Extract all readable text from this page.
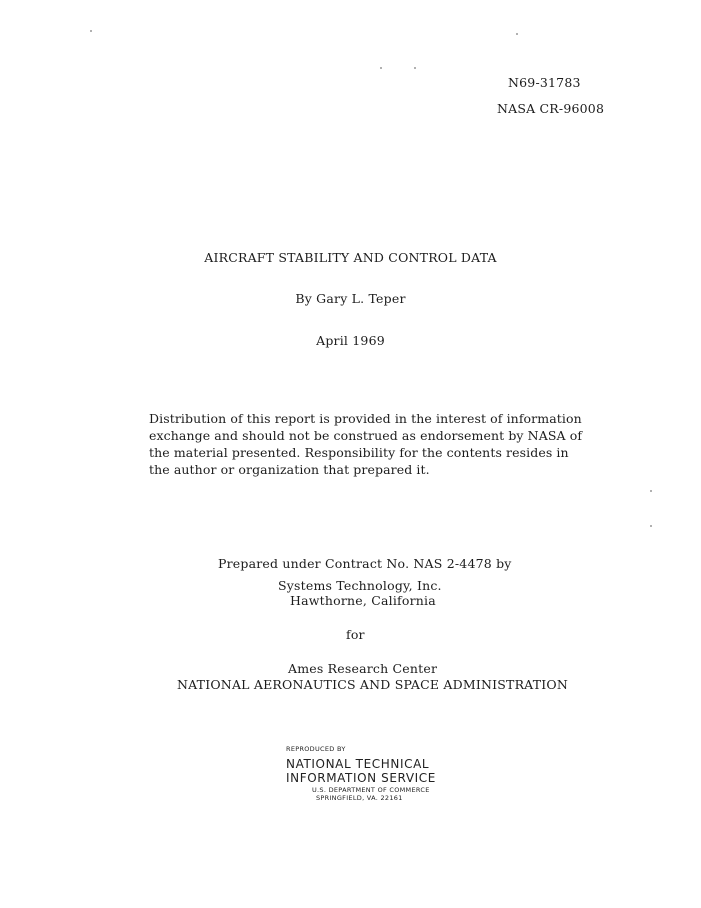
N69-31783
NASA CR-96008
AIRCRAFT STABILITY AND CONTROL DATA
By Gary L. Teper
April 1969
Distribution of this report is provided in the interest of information
exchange and should not be construed as endorsement by NASA of
the material presented. Responsibility for the contents resides in
the author or organization that prepared it.
Prepared under Contract No. NAS 2-4478 by
Systems Technology, Inc.
Hawthorne, California
for
Ames Research Center
NATIONAL AERONAUTICS AND SPACE ADMINISTRATION
REPRODUCED BY
NATIONAL TECHNICAL
INFORMATION SERVICE
U.S. DEPARTMENT OF COMMERCE
SPRINGFIELD, VA. 22161
